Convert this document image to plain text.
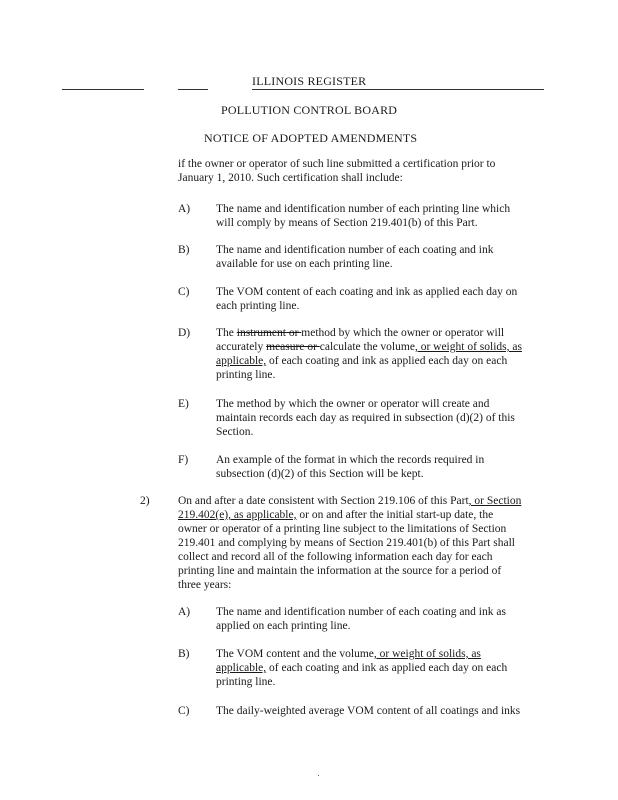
ILLINOIS REGISTER
POLLUTION CONTROL BOARD
NOTICE OF ADOPTED AMENDMENTS
if the owner or operator of such line submitted a certification prior to
January 1, 2010. Such certification shall include:
A) The name and identification number of each printing line which
will comply by means of Section 219.401(b) of this Part.
B) The name and identification number of each coating and ink
available for use on each printing line.
C) The VOM content of each coating and ink as applied each day on
each printing line.
D) The instrument or method by which the owner or operator will
accurately measure or calculate the volume, or weight of solids, as
applicable, of each coating and ink as applied each day on each
printing line.
E) The method by which the owner or operator will create and
maintain records each day as required in subsection (d)(2) of this
Section.
F) An example of the format in which the records required in
subsection (d)(2) of this Section will be kept.
2) On and after a date consistent with Section 219.106 of this Part, or Section
219.402(e), as applicable, or on and after the initial start-up date, the
owner or operator of a printing line subject to the limitations of Section
219.401 and complying by means of Section 219.401(b) of this Part shall
collect and record all of the following information each day for each
printing line and maintain the information at the source for a period of
three years:
A) The name and identification number of each coating and ink as
applied on each printing line.
B) The VOM content and the volume, or weight of solids, as
applicable, of each coating and ink as applied each day on each
printing line.
C) The daily-weighted average VOM content of all coatings and inks
